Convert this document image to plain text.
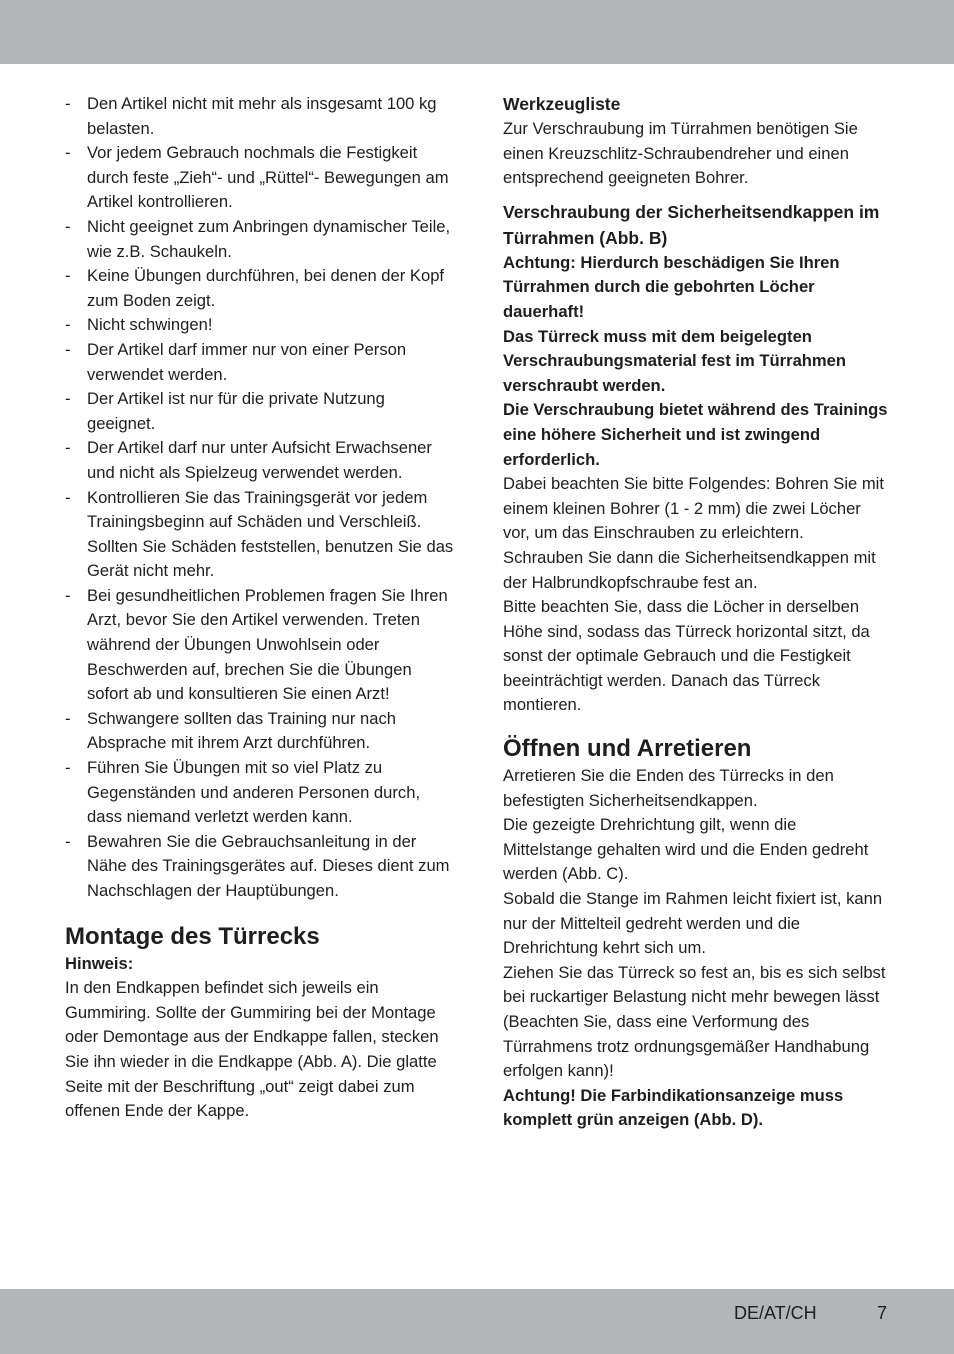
- Den Artikel nicht mit mehr als insgesamt 100 kg belasten.
- Vor jedem Gebrauch nochmals die Festigkeit durch feste „Zieh“- und „Rüttel“- Bewegungen am Artikel kontrollieren.
- Nicht geeignet zum Anbringen dynamischer Teile, wie z.B. Schaukeln.
- Keine Übungen durchführen, bei denen der Kopf zum Boden zeigt.
- Nicht schwingen!
- Der Artikel darf immer nur von einer Person verwendet werden.
- Der Artikel ist nur für die private Nutzung geeignet.
- Der Artikel darf nur unter Aufsicht Erwachsener und nicht als Spielzeug verwendet werden.
- Kontrollieren Sie das Trainingsgerät vor jedem Trainingsbeginn auf Schäden und Verschleiß. Sollten Sie Schäden feststellen, benutzen Sie das Gerät nicht mehr.
- Bei gesundheitlichen Problemen fragen Sie Ihren Arzt, bevor Sie den Artikel verwenden. Treten während der Übungen Unwohlsein oder Beschwerden auf, brechen Sie die Übungen sofort ab und konsultieren Sie einen Arzt!
- Schwangere sollten das Training nur nach Absprache mit ihrem Arzt durchführen.
- Führen Sie Übungen mit so viel Platz zu Gegenständen und anderen Personen durch, dass niemand verletzt werden kann.
- Bewahren Sie die Gebrauchsanleitung in der Nähe des Trainingsgerätes auf. Dieses dient zum Nachschlagen der Hauptübungen.
Montage des Türrecks

Hinweis:

In den Endkappen befindet sich jeweils ein Gummiring. Sollte der Gummiring bei der Montage oder Demontage aus der Endkappe fallen, stecken Sie ihn wieder in die Endkappe (Abb. A). Die glatte Seite mit der Beschriftung „out“ zeigt dabei zum offenen Ende der Kappe.

Werkzeugliste

Zur Verschraubung im Türrahmen benötigen Sie einen Kreuzschlitz-Schraubendreher und einen entsprechend geeigneten Bohrer.

Verschraubung der Sicherheitsendkappen im Türrahmen (Abb. B)

Achtung: Hierdurch beschädigen Sie Ihren Türrahmen durch die gebohrten Löcher dauerhaft!

Das Türreck muss mit dem beigelegten Verschraubungsmaterial fest im Türrahmen verschraubt werden.

Die Verschraubung bietet während des Trainings eine höhere Sicherheit und ist zwingend erforderlich.

Dabei beachten Sie bitte Folgendes: Bohren Sie mit einem kleinen Bohrer (1 - 2 mm) die zwei Löcher vor, um das Einschrauben zu erleichtern. Schrauben Sie dann die Sicherheitsendkappen mit der Halbrundkopfschraube fest an.

Bitte beachten Sie, dass die Löcher in derselben Höhe sind, sodass das Türreck horizontal sitzt, da sonst der optimale Gebrauch und die Festigkeit beeinträchtigt werden. Danach das Türreck montieren.

Öffnen und Arretieren

Arretieren Sie die Enden des Türrecks in den befestigten Sicherheitsendkappen.

Die gezeigte Drehrichtung gilt, wenn die Mittelstange gehalten wird und die Enden gedreht werden (Abb. C).

Sobald die Stange im Rahmen leicht fixiert ist, kann nur der Mittelteil gedreht werden und die Drehrichtung kehrt sich um.

Ziehen Sie das Türreck so fest an, bis es sich selbst bei ruckartiger Belastung nicht mehr bewegen lässt (Beachten Sie, dass eine Verformung des Türrahmens trotz ordnungsgemäßer Handhabung erfolgen kann)!

Achtung! Die Farbindikationsanzeige muss komplett grün anzeigen (Abb. D).

DE/AT/CH	7
